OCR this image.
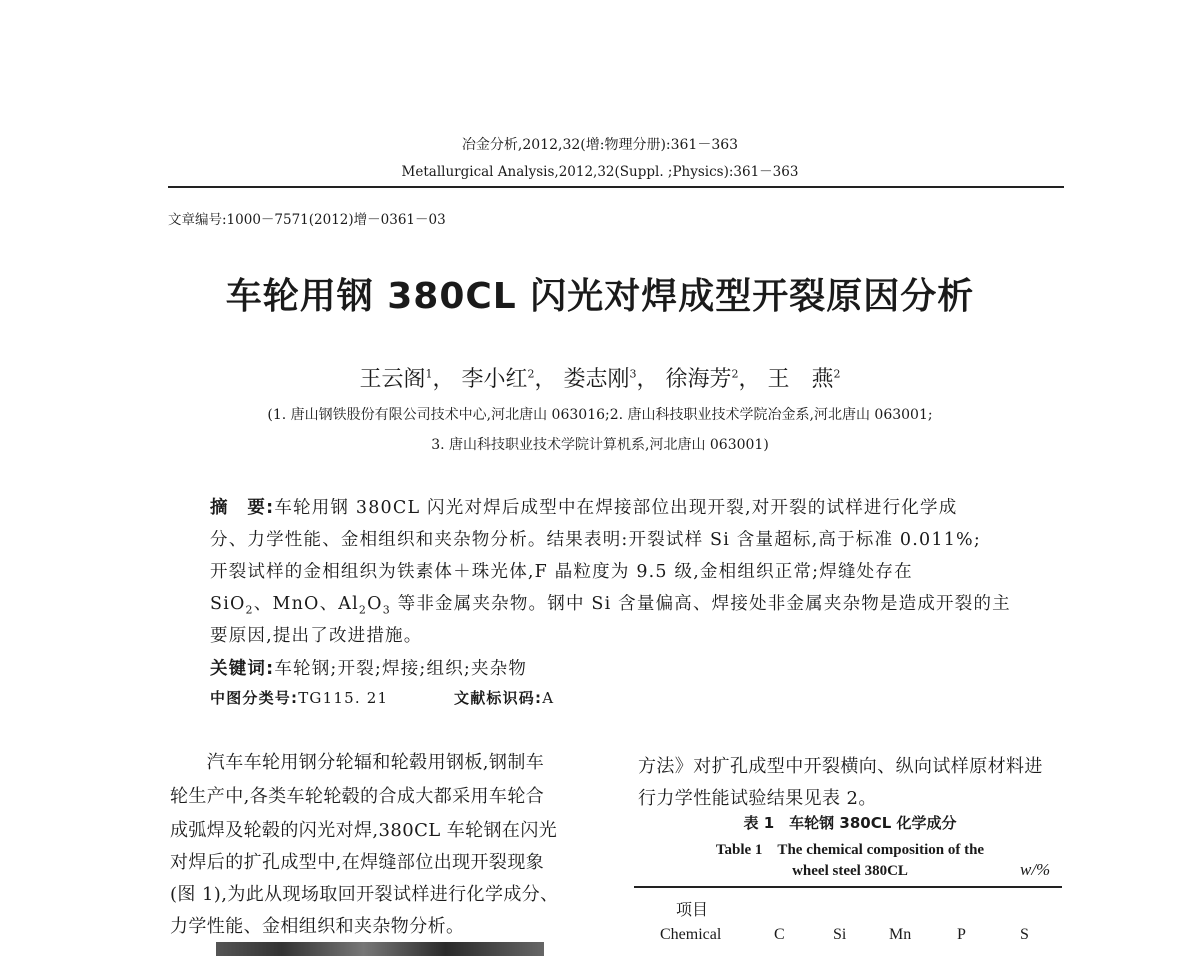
冶金分析,2012,32(增:物理分册):361－363
Metallurgical Analysis,2012,32(Suppl. ;Physics):361－363
文章编号:1000－7571(2012)增－0361－03
车轮用钢 380CL 闪光对焊成型开裂原因分析
王云阁$^1$， 李小红$^2$， 娄志刚$^3$， 徐海芳$^2$， 王　燕$^2$
(1. 唐山钢铁股份有限公司技术中心,河北唐山 063016;2. 唐山科技职业技术学院冶金系,河北唐山 063001;
3. 唐山科技职业技术学院计算机系,河北唐山 063001)
摘　要:车轮用钢 380CL 闪光对焊后成型中在焊接部位出现开裂,对开裂的试样进行化学成
分、力学性能、金相组织和夹杂物分析。结果表明:开裂试样 Si 含量超标,高于标准 0.011%;
开裂试样的金相组织为铁素体＋珠光体,F 晶粒度为 9.5 级,金相组织正常;焊缝处存在
SiO$_2$、MnO、$Al_2O_3$ 等非金属夹杂物。钢中 Si 含量偏高、焊接处非金属夹杂物是造成开裂的主
要原因,提出了改进措施。
关键词:车轮钢;开裂;焊接;组织;夹杂物
中图分类号:TG115. 21	文献标识码:A
　　汽车车轮用钢分轮辐和轮毂用钢板,钢制车
轮生产中,各类车轮轮毂的合成大都采用车轮合
成弧焊及轮毂的闪光对焊,380CL 车轮钢在闪光
对焊后的扩孔成型中,在焊缝部位出现开裂现象
(图 1),为此从现场取回开裂试样进行化学成分、
力学性能、金相组织和夹杂物分析。
方法》对扩孔成型中开裂横向、纵向试样原材料进
行力学性能试验结果见表 2。
表 1　车轮钢 380CL 化学成分
Table 1　The chemical composition of the
wheel steel 380CL	w/%
项目
Chemical	C	Si	Mn	P	S
